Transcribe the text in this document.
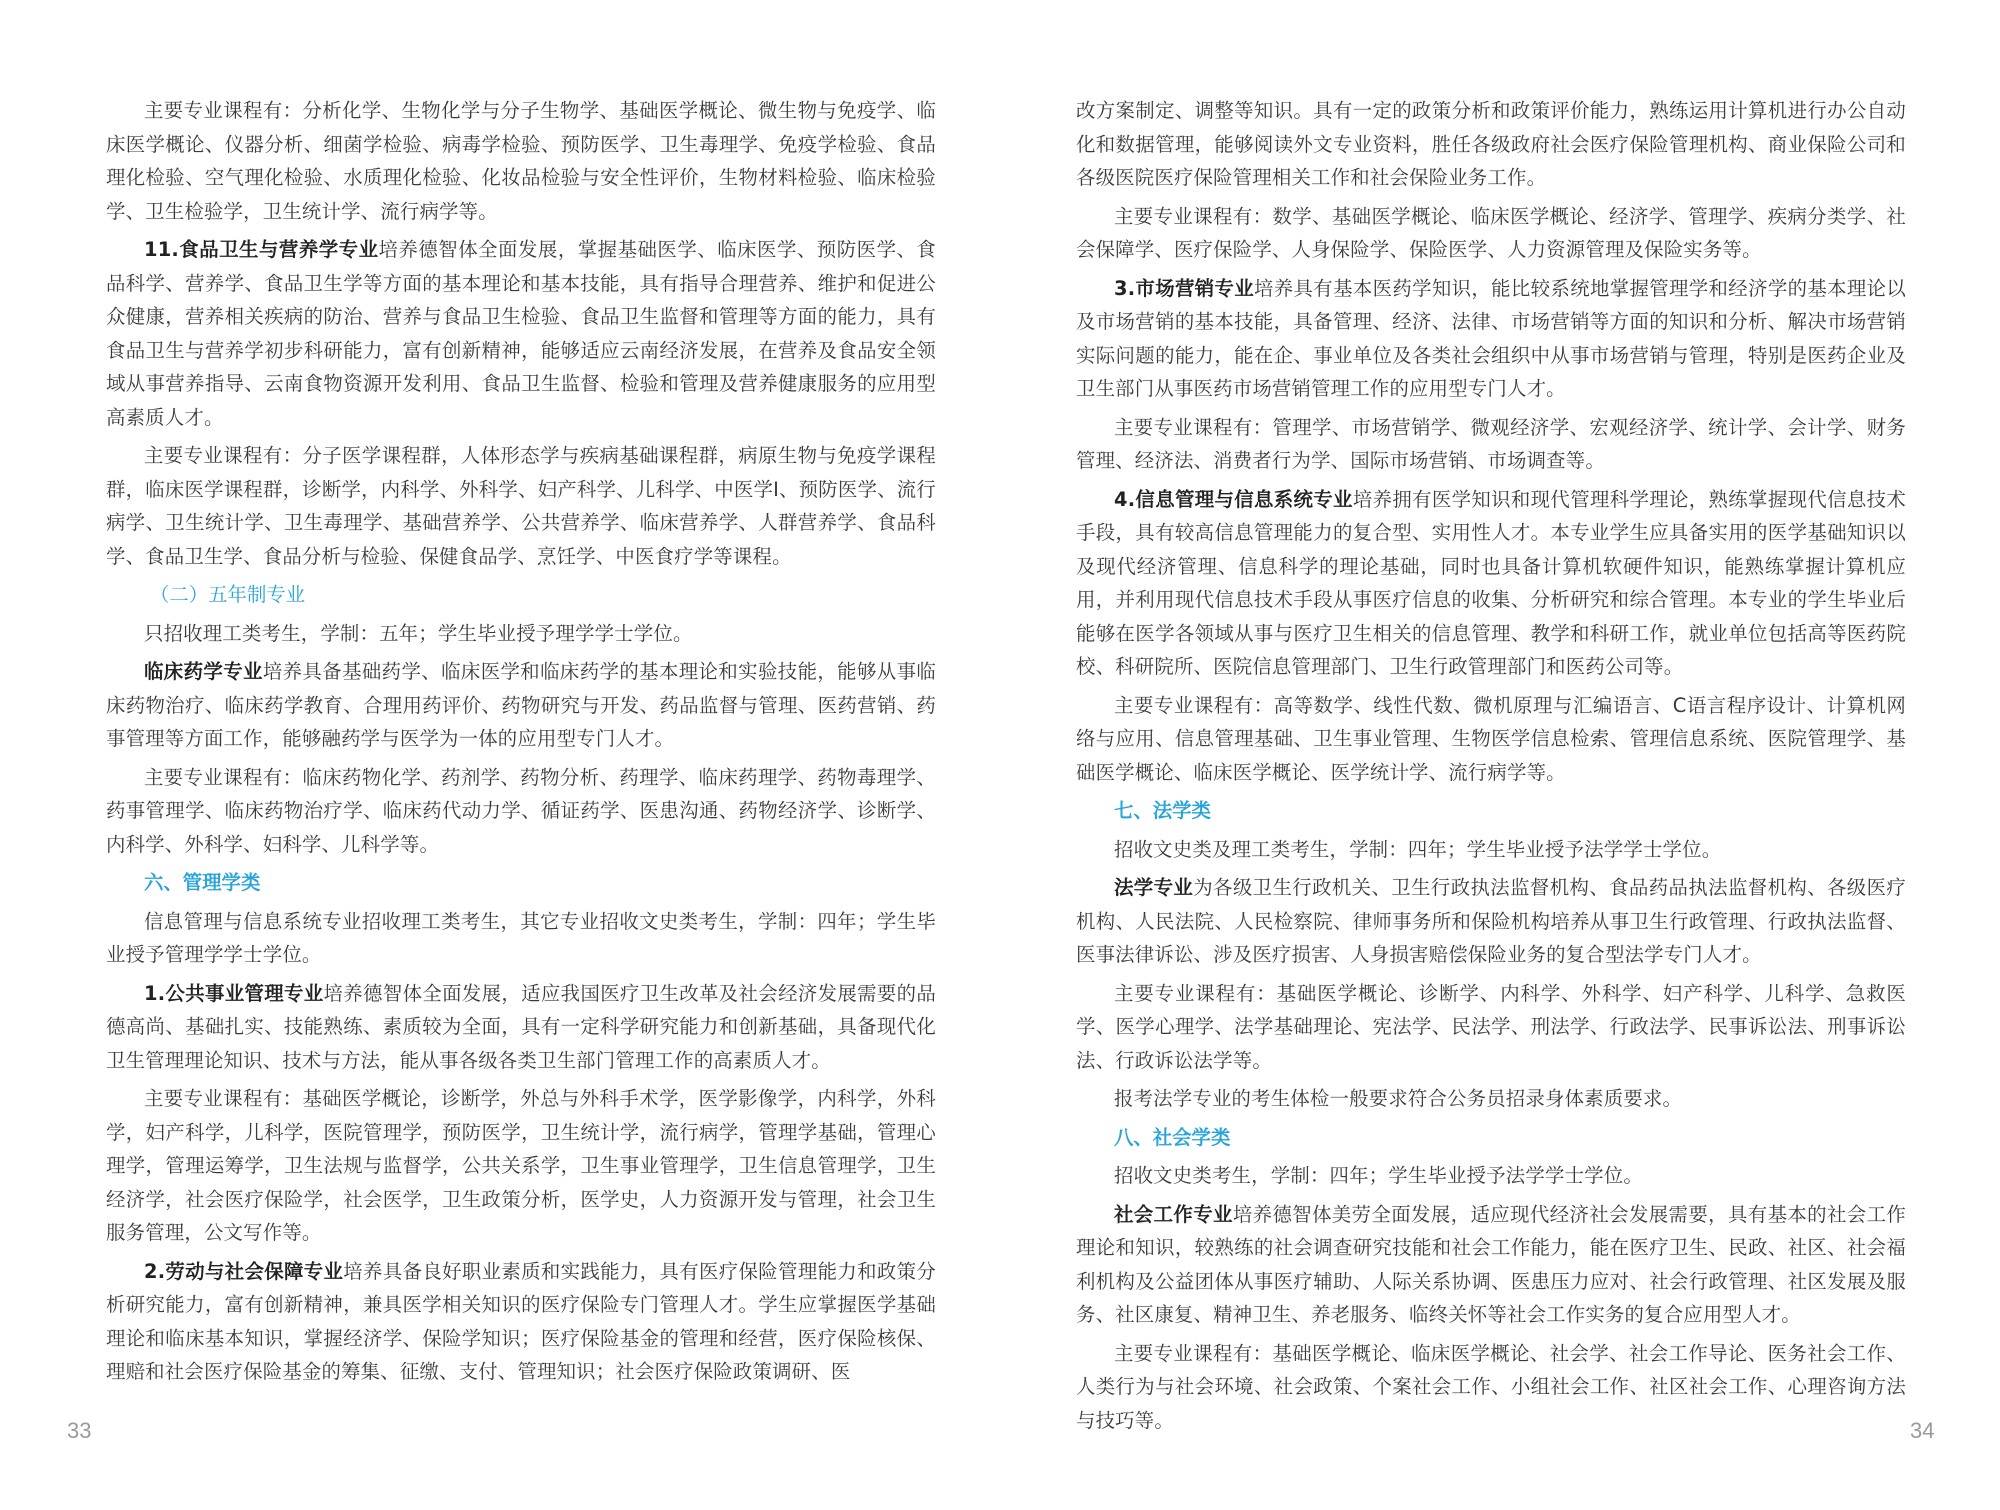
主要专业课程有：分析化学、生物化学与分子生物学、基础医学概论、微生物与免疫学、临床医学概论、仪器分析、细菌学检验、病毒学检验、预防医学、卫生毒理学、免疫学检验、食品理化检验、空气理化检验、水质理化检验、化妆品检验与安全性评价，生物材料检验、临床检验学、卫生检验学，卫生统计学、流行病学等。

11.食品卫生与营养学专业培养德智体全面发展，掌握基础医学、临床医学、预防医学、食品科学、营养学、食品卫生学等方面的基本理论和基本技能，具有指导合理营养、维护和促进公众健康，营养相关疾病的防治、营养与食品卫生检验、食品卫生监督和管理等方面的能力，具有食品卫生与营养学初步科研能力，富有创新精神，能够适应云南经济发展，在营养及食品安全领域从事营养指导、云南食物资源开发利用、食品卫生监督、检验和管理及营养健康服务的应用型高素质人才。

主要专业课程有：分子医学课程群，人体形态学与疾病基础课程群，病原生物与免疫学课程群，临床医学课程群，诊断学，内科学、外科学、妇产科学、儿科学、中医学I、预防医学、流行病学、卫生统计学、卫生毒理学、基础营养学、公共营养学、临床营养学、人群营养学、食品科学、食品卫生学、食品分析与检验、保健食品学、烹饪学、中医食疗学等课程。

（二）五年制专业

只招收理工类考生，学制：五年；学生毕业授予理学学士学位。

临床药学专业培养具备基础药学、临床医学和临床药学的基本理论和实验技能，能够从事临床药物治疗、临床药学教育、合理用药评价、药物研究与开发、药品监督与管理、医药营销、药事管理等方面工作，能够融药学与医学为一体的应用型专门人才。

主要专业课程有：临床药物化学、药剂学、药物分析、药理学、临床药理学、药物毒理学、药事管理学、临床药物治疗学、临床药代动力学、循证药学、医患沟通、药物经济学、诊断学、内科学、外科学、妇科学、儿科学等。

六、管理学类

信息管理与信息系统专业招收理工类考生，其它专业招收文史类考生，学制：四年；学生毕业授予管理学学士学位。

1.公共事业管理专业培养德智体全面发展，适应我国医疗卫生改革及社会经济发展需要的品德高尚、基础扎实、技能熟练、素质较为全面，具有一定科学研究能力和创新基础，具备现代化卫生管理理论知识、技术与方法，能从事各级各类卫生部门管理工作的高素质人才。

主要专业课程有：基础医学概论，诊断学，外总与外科手术学，医学影像学，内科学，外科学，妇产科学，儿科学，医院管理学，预防医学，卫生统计学，流行病学，管理学基础，管理心理学，管理运筹学，卫生法规与监督学，公共关系学，卫生事业管理学，卫生信息管理学，卫生经济学，社会医疗保险学，社会医学，卫生政策分析，医学史，人力资源开发与管理，社会卫生服务管理，公文写作等。

2.劳动与社会保障专业培养具备良好职业素质和实践能力，具有医疗保险管理能力和政策分析研究能力，富有创新精神，兼具医学相关知识的医疗保险专门管理人才。学生应掌握医学基础理论和临床基本知识，掌握经济学、保险学知识；医疗保险基金的管理和经营，医疗保险核保、理赔和社会医疗保险基金的筹集、征缴、支付、管理知识；社会医疗保险政策调研、医

改方案制定、调整等知识。具有一定的政策分析和政策评价能力，熟练运用计算机进行办公自动化和数据管理，能够阅读外文专业资料，胜任各级政府社会医疗保险管理机构、商业保险公司和各级医院医疗保险管理相关工作和社会保险业务工作。

主要专业课程有：数学、基础医学概论、临床医学概论、经济学、管理学、疾病分类学、社会保障学、医疗保险学、人身保险学、保险医学、人力资源管理及保险实务等。

3.市场营销专业培养具有基本医药学知识，能比较系统地掌握管理学和经济学的基本理论以及市场营销的基本技能，具备管理、经济、法律、市场营销等方面的知识和分析、解决市场营销实际问题的能力，能在企、事业单位及各类社会组织中从事市场营销与管理，特别是医药企业及卫生部门从事医药市场营销管理工作的应用型专门人才。

主要专业课程有：管理学、市场营销学、微观经济学、宏观经济学、统计学、会计学、财务管理、经济法、消费者行为学、国际市场营销、市场调查等。

4.信息管理与信息系统专业培养拥有医学知识和现代管理科学理论，熟练掌握现代信息技术手段，具有较高信息管理能力的复合型、实用性人才。本专业学生应具备实用的医学基础知识以及现代经济管理、信息科学的理论基础，同时也具备计算机软硬件知识，能熟练掌握计算机应用，并利用现代信息技术手段从事医疗信息的收集、分析研究和综合管理。本专业的学生毕业后能够在医学各领域从事与医疗卫生相关的信息管理、教学和科研工作，就业单位包括高等医药院校、科研院所、医院信息管理部门、卫生行政管理部门和医药公司等。

主要专业课程有：高等数学、线性代数、微机原理与汇编语言、C语言程序设计、计算机网络与应用、信息管理基础、卫生事业管理、生物医学信息检索、管理信息系统、医院管理学、基础医学概论、临床医学概论、医学统计学、流行病学等。

七、法学类

招收文史类及理工类考生，学制：四年；学生毕业授予法学学士学位。

法学专业为各级卫生行政机关、卫生行政执法监督机构、食品药品执法监督机构、各级医疗机构、人民法院、人民检察院、律师事务所和保险机构培养从事卫生行政管理、行政执法监督、医事法律诉讼、涉及医疗损害、人身损害赔偿保险业务的复合型法学专门人才。

主要专业课程有：基础医学概论、诊断学、内科学、外科学、妇产科学、儿科学、急救医学、医学心理学、法学基础理论、宪法学、民法学、刑法学、行政法学、民事诉讼法、刑事诉讼法、行政诉讼法学等。

报考法学专业的考生体检一般要求符合公务员招录身体素质要求。

八、社会学类

招收文史类考生，学制：四年；学生毕业授予法学学士学位。

社会工作专业培养德智体美劳全面发展，适应现代经济社会发展需要，具有基本的社会工作理论和知识，较熟练的社会调查研究技能和社会工作能力，能在医疗卫生、民政、社区、社会福利机构及公益团体从事医疗辅助、人际关系协调、医患压力应对、社会行政管理、社区发展及服务、社区康复、精神卫生、养老服务、临终关怀等社会工作实务的复合应用型人才。

主要专业课程有：基础医学概论、临床医学概论、社会学、社会工作导论、医务社会工作、人类行为与社会环境、社会政策、个案社会工作、小组社会工作、社区社会工作、心理咨询方法与技巧等。

33	34
